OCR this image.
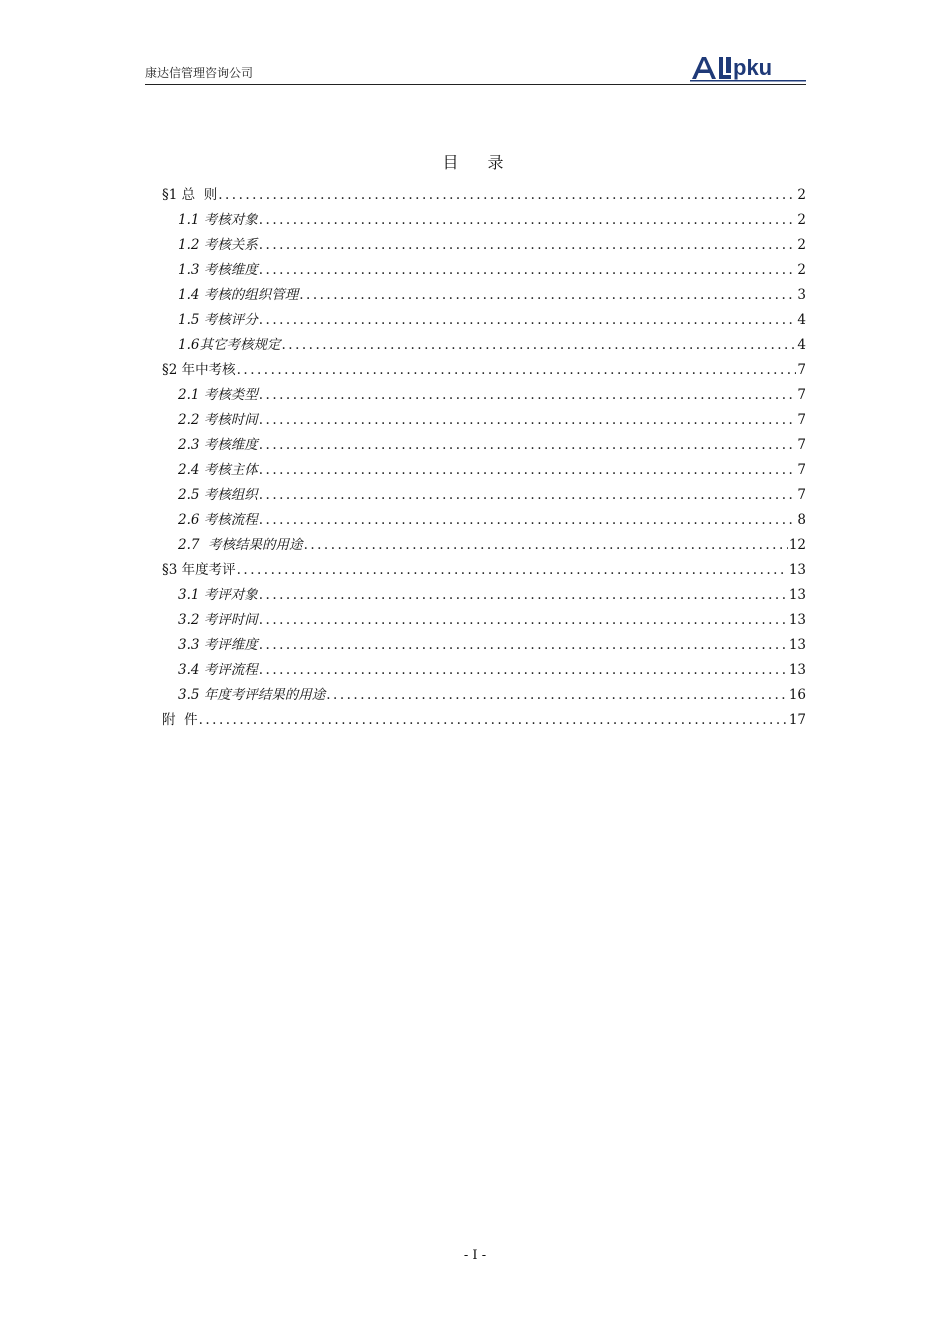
康达信管理咨询公司	pku
目 录
§1 总  则 .....	2
1.1 考核对象 .....	2
1.2 考核关系 .....	2
1.3 考核维度 .....	2
1.4 考核的组织管理 .....	3
1.5 考核评分 .....	4
1.6其它考核规定 .....	4
§2 年中考核 .....	7
2.1 考核类型 .....	7
2.2 考核时间 .....	7
2.3 考核维度 .....	7
2.4 考核主体 .....	7
2.5 考核组织 .....	7
2.6 考核流程 .....	8
2.7  考核结果的用途 .....	12
§3 年度考评 .....	13
3.1 考评对象 .....	13
3.2 考评时间 .....	13
3.3 考评维度 .....	13
3.4 考评流程 .....	13
3.5 年度考评结果的用途 .....	16
附  件 .....	17
- I -
